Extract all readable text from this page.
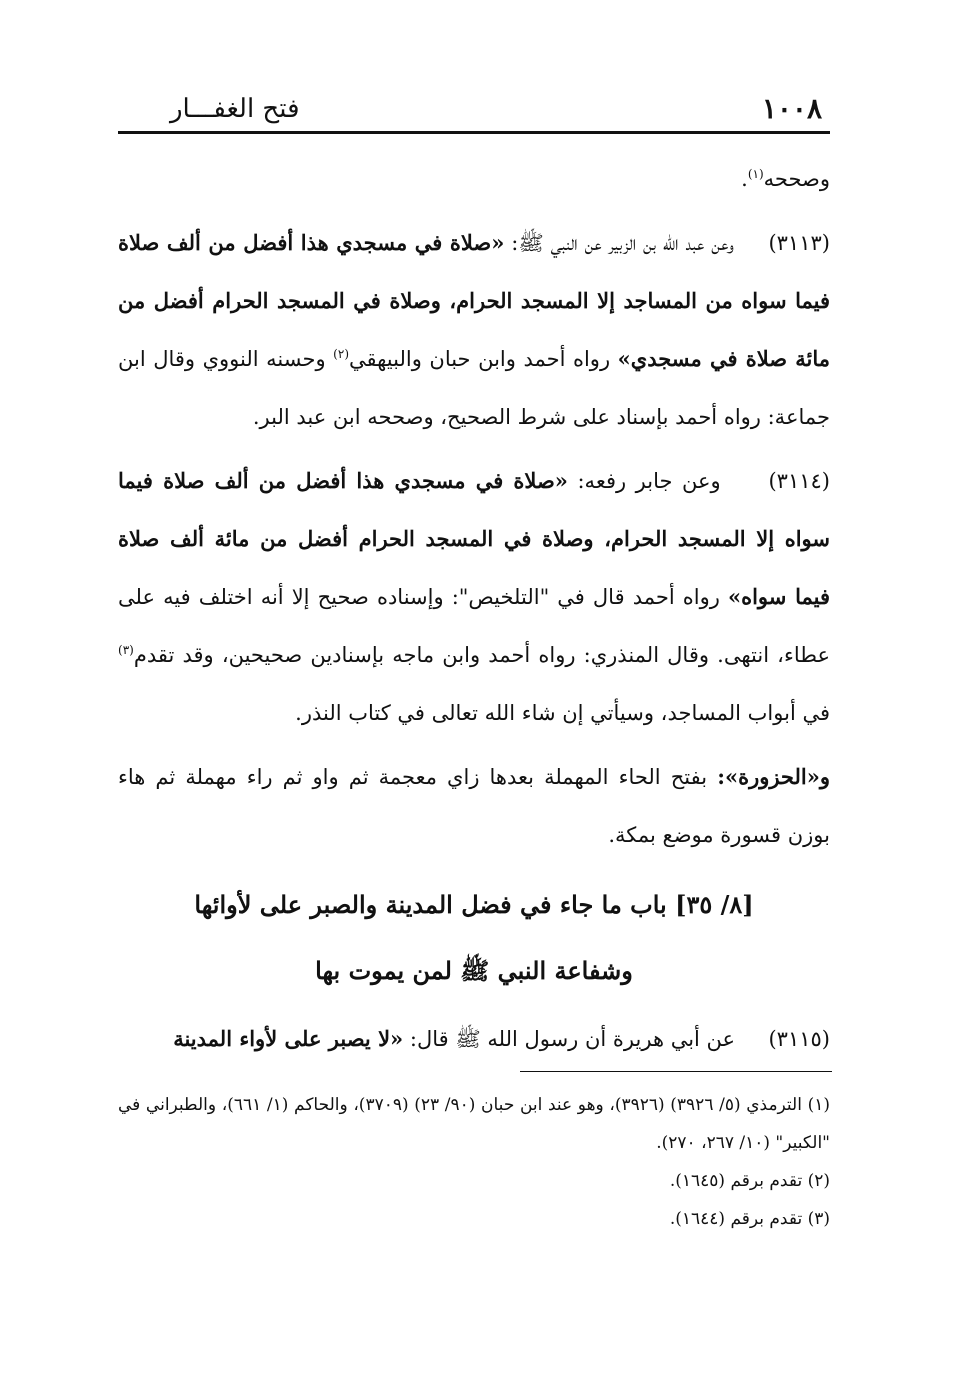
١٠٠٨
فتح الغفـــار

وصححه$^{(١)}$.

(٣١١٣)     وعن عبد الله بن الزبير عن النبي ﷺ: «صلاة في مسجدي هذا أفضل من ألف صلاة فيما سواه من المساجد إلا المسجد الحرام، وصلاة في المسجد الحرام أفضل من مائة صلاة في مسجدي» رواه أحمد وابن حبان والبيهقي$^{(٢)}$ وحسنه النووي وقال ابن جماعة: رواه أحمد بإسناد على شرط الصحيح، وصححه ابن عبد البر.

(٣١١٤)     وعن جابر رفعه: «صلاة في مسجدي هذا أفضل من ألف صلاة فيما سواه إلا المسجد الحرام، وصلاة في المسجد الحرام أفضل من مائة ألف صلاة فيما سواه» رواه أحمد قال في "التلخيص": وإسناده صحيح إلا أنه اختلف فيه على عطاء، انتهى. وقال المنذري: رواه أحمد وابن ماجه بإسنادين صحيحين، وقد تقدم$^{(٣)}$ في أبواب المساجد، وسيأتي إن شاء الله تعالى في كتاب النذر.

و«الحزورة»: بفتح الحاء المهملة بعدها زاي معجمة ثم واو ثم راء مهملة ثم هاء بوزن قسورة موضع بمكة.

[٨/ ٣٥] باب ما جاء في فضل المدينة والصبر على لأوائها
وشفاعة النبي ﷺ لمن يموت بها

(٣١١٥)     عن أبي هريرة أن رسول الله ﷺ قال: «لا يصبر على لأواء المدينة

(١) الترمذي (٥/ ٣٩٢٦) (٣٩٢٦)، وهو عند ابن حبان (٩٠/ ٢٣) (٣٧٠٩)، والحاكم (١/ ٦٦١)، والطبراني في "الكبير" (١٠/ ٢٦٧، ٢٧٠).

(٢) تقدم برقم (١٦٤٥).

(٣) تقدم برقم (١٦٤٤).
